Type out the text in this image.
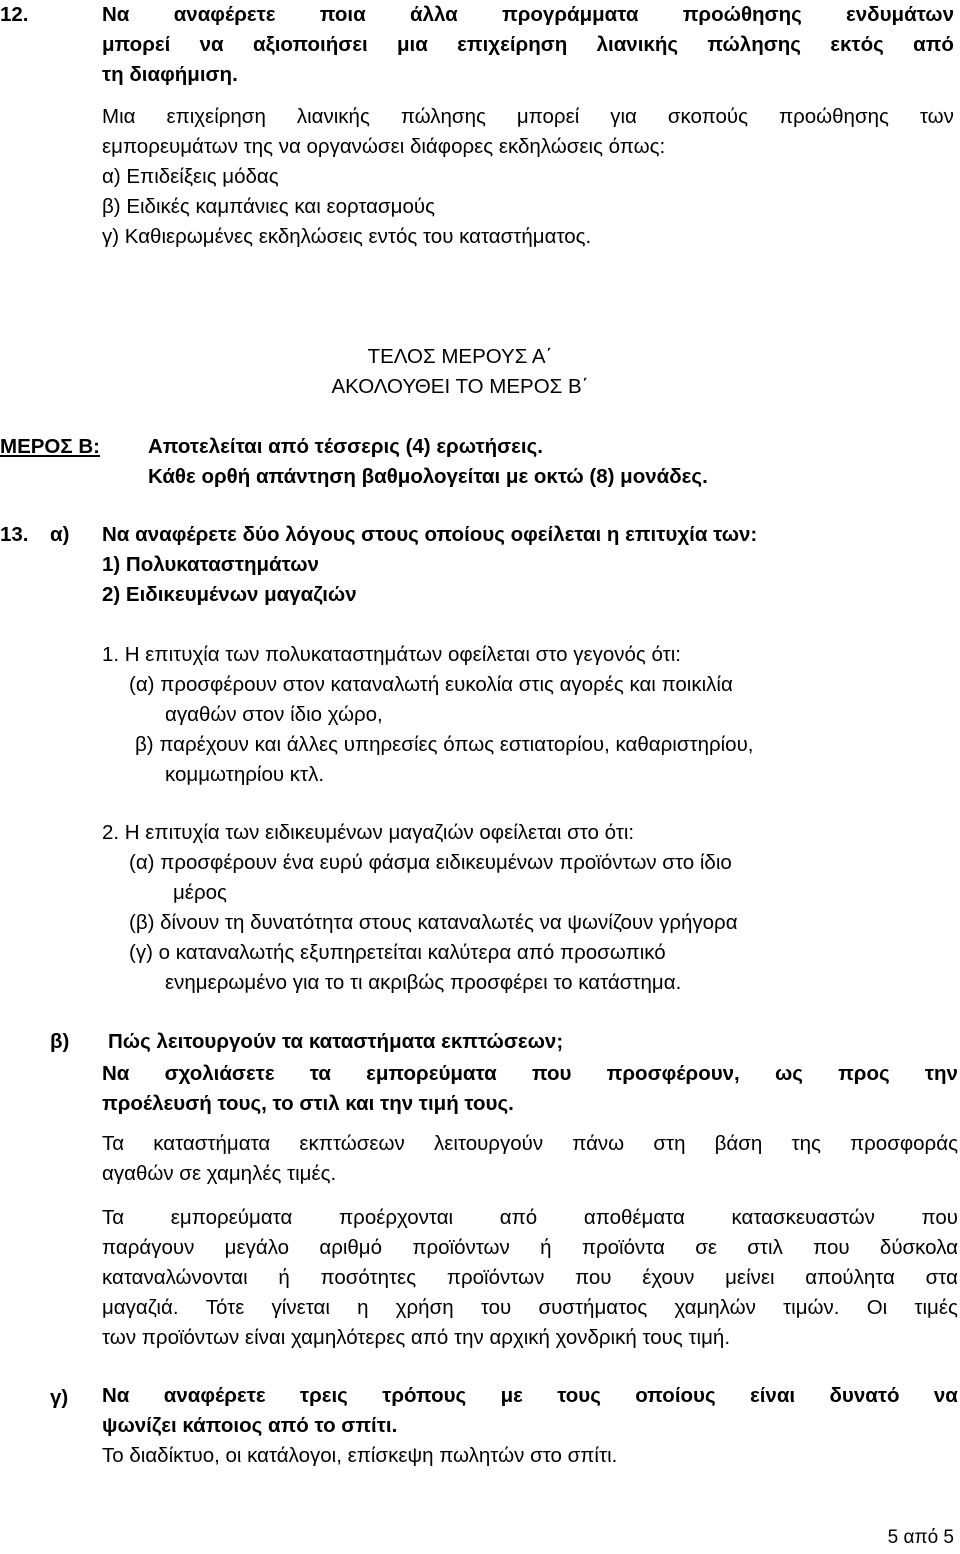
12.	Να αναφέρετε ποια άλλα προγράμματα προώθησης ενδυμάτων
μπορεί να αξιοποιήσει μια επιχείρηση λιανικής πώλησης εκτός από
τη διαφήμιση.
Μια επιχείρηση λιανικής πώλησης μπορεί για σκοπούς προώθησης των
εμπορευμάτων της να οργανώσει διάφορες εκδηλώσεις όπως:
α) Επιδείξεις μόδας
β) Ειδικές καμπάνιες και εορτασμούς
γ) Καθιερωμένες εκδηλώσεις εντός του καταστήματος.
ΤΕΛΟΣ ΜΕΡΟΥΣ Α΄
ΑΚΟΛΟΥΘΕΙ ΤΟ ΜΕΡΟΣ Β΄
ΜΕΡΟΣ Β: Αποτελείται από τέσσερις (4) ερωτήσεις.
Κάθε ορθή απάντηση βαθμολογείται με οκτώ (8) μονάδες.
13. α) Να αναφέρετε δύο λόγους στους οποίους οφείλεται η επιτυχία των:
1) Πολυκαταστημάτων
2) Ειδικευμένων μαγαζιών
1. Η επιτυχία των πολυκαταστημάτων οφείλεται στο γεγονός ότι:
(α) προσφέρουν στον καταναλωτή ευκολία στις αγορές και ποικιλία
αγαθών στον ίδιο χώρο,
β) παρέχουν και άλλες υπηρεσίες όπως εστιατορίου, καθαριστηρίου,
κομμωτηρίου κτλ.
2. Η επιτυχία των ειδικευμένων μαγαζιών οφείλεται στο ότι:
(α) προσφέρουν ένα ευρύ φάσμα ειδικευμένων προϊόντων στο ίδιο
μέρος
(β) δίνουν τη δυνατότητα στους καταναλωτές να ψωνίζουν γρήγορα
(γ) ο καταναλωτής εξυπηρετείται καλύτερα από προσωπικό
ενημερωμένο για το τι ακριβώς προσφέρει το κατάστημα.
β) Πώς λειτουργούν τα καταστήματα εκπτώσεων;
Να σχολιάσετε τα εμπορεύματα που προσφέρουν, ως προς την
προέλευσή τους, το στιλ και την τιμή τους.
Τα καταστήματα εκπτώσεων λειτουργούν πάνω στη βάση της προσφοράς
αγαθών σε χαμηλές τιμές.
Τα εμπορεύματα προέρχονται από αποθέματα κατασκευαστών που
παράγουν μεγάλο αριθμό προϊόντων ή προϊόντα σε στιλ που δύσκολα
καταναλώνονται ή ποσότητες προϊόντων που έχουν μείνει απούλητα στα
μαγαζιά. Τότε γίνεται η χρήση του συστήματος χαμηλών τιμών. Οι τιμές
των προϊόντων είναι χαμηλότερες από την αρχική χονδρική τους τιμή.
γ) Να αναφέρετε τρεις τρόπους με τους οποίους είναι δυνατό να
ψωνίζει κάποιος από το σπίτι.
Το διαδίκτυο, οι κατάλογοι, επίσκεψη πωλητών στο σπίτι.
5 από 5
